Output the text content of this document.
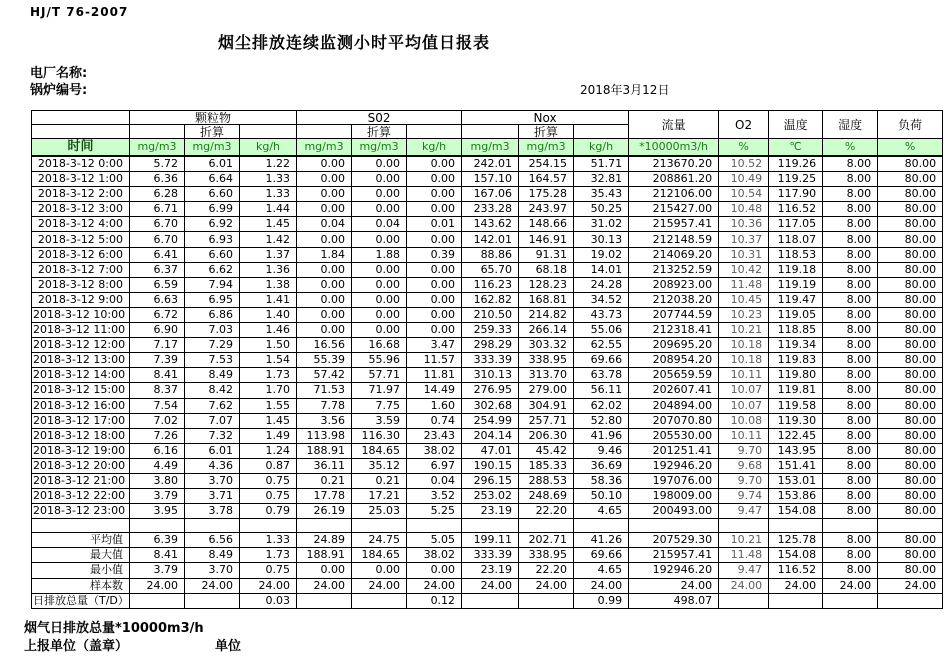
HJ/T 76-2007
烟尘排放连续监测小时平均值日报表
电厂名称:
锅炉编号:	2018年3月12日
	颗粒物			S02			Nox			流量	O2	温度	湿度	负荷
		折算			折算			折算						
时间	mg/m3	mg/m3	kg/h	mg/m3	mg/m3	kg/h	mg/m3	mg/m3	kg/h	*10000m3/h	%	℃	%	%
2018-3-12 0:00	5.72	6.01	1.22	0.00	0.00	0.00	242.01	254.15	51.71	213670.20	10.52	119.26	8.00	80.00
2018-3-12 1:00	6.36	6.64	1.33	0.00	0.00	0.00	157.10	164.57	32.81	208861.20	10.49	119.25	8.00	80.00
2018-3-12 2:00	6.28	6.60	1.33	0.00	0.00	0.00	167.06	175.28	35.43	212106.00	10.54	117.90	8.00	80.00
2018-3-12 3:00	6.71	6.99	1.44	0.00	0.00	0.00	233.28	243.97	50.25	215427.00	10.48	116.52	8.00	80.00
2018-3-12 4:00	6.70	6.92	1.45	0.04	0.04	0.01	143.62	148.66	31.02	215957.41	10.36	117.05	8.00	80.00
2018-3-12 5:00	6.70	6.93	1.42	0.00	0.00	0.00	142.01	146.91	30.13	212148.59	10.37	118.07	8.00	80.00
2018-3-12 6:00	6.41	6.60	1.37	1.84	1.88	0.39	88.86	91.31	19.02	214069.20	10.31	118.53	8.00	80.00
2018-3-12 7:00	6.37	6.62	1.36	0.00	0.00	0.00	65.70	68.18	14.01	213252.59	10.42	119.18	8.00	80.00
2018-3-12 8:00	6.59	7.94	1.38	0.00	0.00	0.00	116.23	128.23	24.28	208923.00	11.48	119.19	8.00	80.00
2018-3-12 9:00	6.63	6.95	1.41	0.00	0.00	0.00	162.82	168.81	34.52	212038.20	10.45	119.47	8.00	80.00
2018-3-12 10:00	6.72	6.86	1.40	0.00	0.00	0.00	210.50	214.82	43.73	207744.59	10.23	119.05	8.00	80.00
2018-3-12 11:00	6.90	7.03	1.46	0.00	0.00	0.00	259.33	266.14	55.06	212318.41	10.21	118.85	8.00	80.00
2018-3-12 12:00	7.17	7.29	1.50	16.56	16.68	3.47	298.29	303.32	62.55	209695.20	10.18	119.34	8.00	80.00
2018-3-12 13:00	7.39	7.53	1.54	55.39	55.96	11.57	333.39	338.95	69.66	208954.20	10.18	119.83	8.00	80.00
2018-3-12 14:00	8.41	8.49	1.73	57.42	57.71	11.81	310.13	313.70	63.78	205659.59	10.11	119.80	8.00	80.00
2018-3-12 15:00	8.37	8.42	1.70	71.53	71.97	14.49	276.95	279.00	56.11	202607.41	10.07	119.81	8.00	80.00
2018-3-12 16:00	7.54	7.62	1.55	7.78	7.75	1.60	302.68	304.91	62.02	204894.00	10.07	119.58	8.00	80.00
2018-3-12 17:00	7.02	7.07	1.45	3.56	3.59	0.74	254.99	257.71	52.80	207070.80	10.08	119.30	8.00	80.00
2018-3-12 18:00	7.26	7.32	1.49	113.98	116.30	23.43	204.14	206.30	41.96	205530.00	10.11	122.45	8.00	80.00
2018-3-12 19:00	6.16	6.01	1.24	188.91	184.65	38.02	47.01	45.42	9.46	201251.41	9.70	143.95	8.00	80.00
2018-3-12 20:00	4.49	4.36	0.87	36.11	35.12	6.97	190.15	185.33	36.69	192946.20	9.68	151.41	8.00	80.00
2018-3-12 21:00	3.80	3.70	0.75	0.21	0.21	0.04	296.15	288.53	58.36	197076.00	9.70	153.01	8.00	80.00
2018-3-12 22:00	3.79	3.71	0.75	17.78	17.21	3.52	253.02	248.69	50.10	198009.00	9.74	153.86	8.00	80.00
2018-3-12 23:00	3.95	3.78	0.79	26.19	25.03	5.25	23.19	22.20	4.65	200493.00	9.47	154.08	8.00	80.00

平均值	6.39	6.56	1.33	24.89	24.75	5.05	199.11	202.71	41.26	207529.30	10.21	125.78	8.00	80.00
最大值	8.41	8.49	1.73	188.91	184.65	38.02	333.39	338.95	69.66	215957.41	11.48	154.08	8.00	80.00
最小值	3.79	3.70	0.75	0.00	0.00	0.00	23.19	22.20	4.65	192946.20	9.47	116.52	8.00	80.00
样本数	24.00	24.00	24.00	24.00	24.00	24.00	24.00	24.00	24.00	24.00	24.00	24.00	24.00	24.00
日排放总量（T/D）			0.03			0.12			0.99	498.07				
烟气日排放总量*10000m3/h
上报单位（盖章）	单位
